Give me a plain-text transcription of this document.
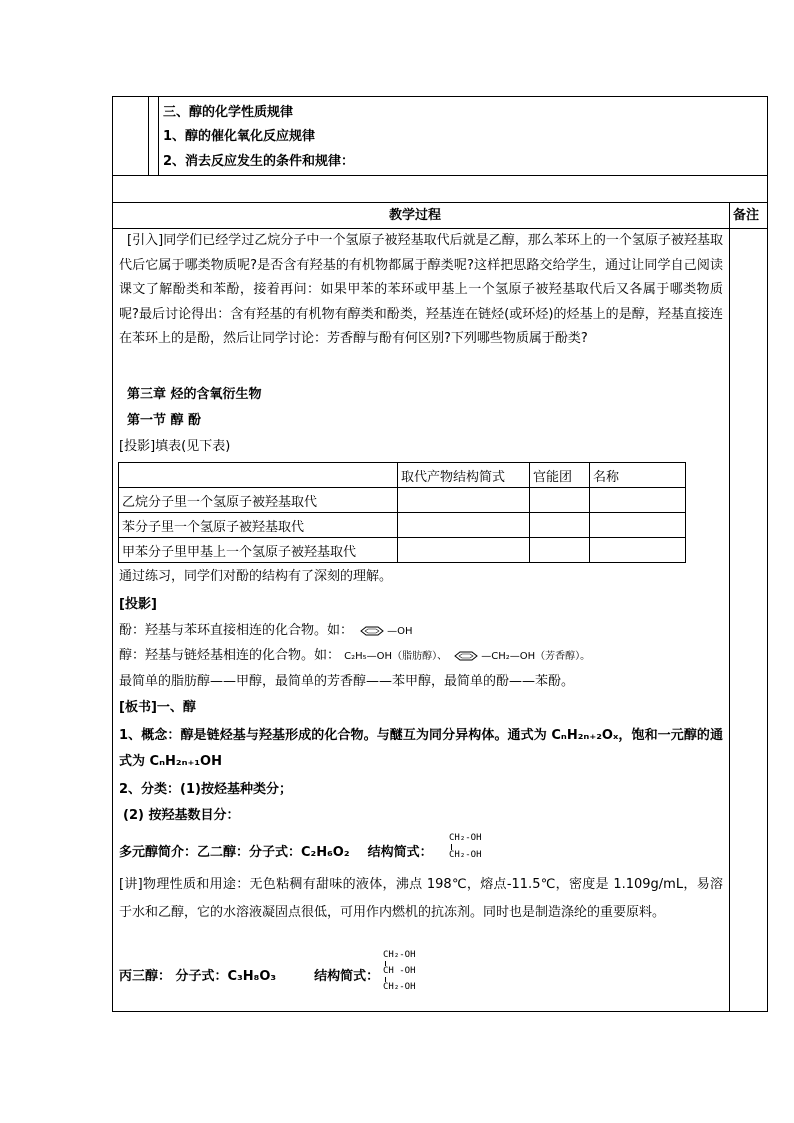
三、醇的化学性质规律
1、醇的催化氧化反应规律
2、消去反应发生的条件和规律：
教学过程	备注
[引入]同学们已经学过乙烷分子中一个氢原子被羟基取代后就是乙醇，那么苯环上的一个氢原子被羟基取代后它属于哪类物质呢?是否含有羟基的有机物都属于醇类呢?这样把思路交给学生，通过让同学自己阅读课文了解酚类和苯酚，接着再问：如果甲苯的苯环或甲基上一个氢原子被羟基取代后又各属于哪类物质呢?最后讨论得出：含有羟基的有机物有醇类和酚类，羟基连在链烃(或环烃)的烃基上的是醇，羟基直接连在苯环上的是酚，然后让同学讨论：芳香醇与酚有何区别?下列哪些物质属于酚类?
第三章 烃的含氧衍生物
第一节 醇 酚
[投影]填表(见下表)
	取代产物结构简式	官能团	名称
乙烷分子里一个氢原子被羟基取代			
苯分子里一个氢原子被羟基取代			
甲苯分子里甲基上一个氢原子被羟基取代			
通过练习，同学们对酚的结构有了深刻的理解。
[投影]
酚：羟基与苯环直接相连的化合物。如：	—OH
醇：羟基与链烃基相连的化合物。如： C₂H₅—OH（脂肪醇）、	—CH₂—OH（芳香醇）。
最简单的脂肪醇——甲醇，最简单的芳香醇——苯甲醇，最简单的酚——苯酚。
[板书]一、醇
1、概念：醇是链烃基与羟基形成的化合物。与醚互为同分异构体。通式为 CₙH₂ₙ₊₂Oₓ，饱和一元醇的通式为 CₙH₂ₙ₊₁OH
2、分类：(1)按烃基种类分；
(2) 按羟基数目分：
多元醇简介：乙二醇：分子式：C₂H₆O₂ 结构简式：
CH₂-OH
CH₂-OH
[讲]物理性质和用途：无色粘稠有甜味的液体，沸点 198℃，熔点-11.5℃，密度是 1.109g/mL，易溶于水和乙醇，它的水溶液凝固点很低，可用作内燃机的抗冻剂。同时也是制造涤纶的重要原料。
丙三醇： 分子式：C₃H₈O₃	结构简式：
CH₂-OH
CH -OH
CH₂-OH
